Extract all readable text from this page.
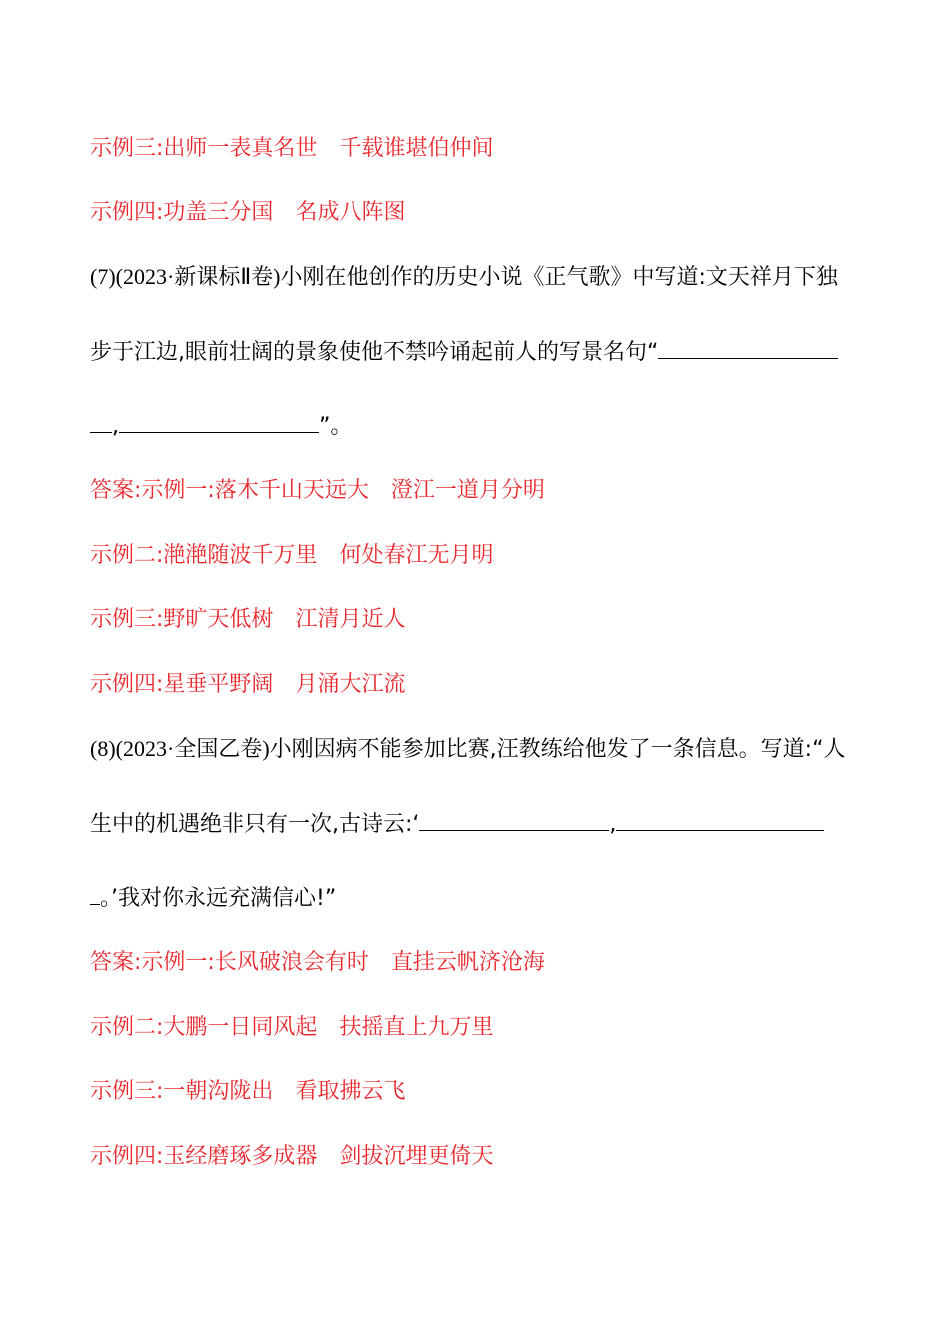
示例三:出师一表真名世 千载谁堪伯仲间
示例四:功盖三分国 名成八阵图
(7)(2023·新课标Ⅱ卷)小刚在他创作的历史小说《正气歌》中写道:文天祥月下独
步于江边,眼前壮阔的景象使他不禁吟诵起前人的写景名句“
,	”。
答案:示例一:落木千山天远大 澄江一道月分明
示例二:滟滟随波千万里 何处春江无月明
示例三:野旷天低树 江清月近人
示例四:星垂平野阔 月涌大江流
(8)(2023·全国乙卷)小刚因病不能参加比赛,汪教练给他发了一条信息。写道:“人
生中的机遇绝非只有一次,古诗云:‘	,
。’我对你永远充满信心!”
答案:示例一:长风破浪会有时 直挂云帆济沧海
示例二:大鹏一日同风起 扶摇直上九万里
示例三:一朝沟陇出 看取拂云飞
示例四:玉经磨琢多成器 剑拔沉埋更倚天
